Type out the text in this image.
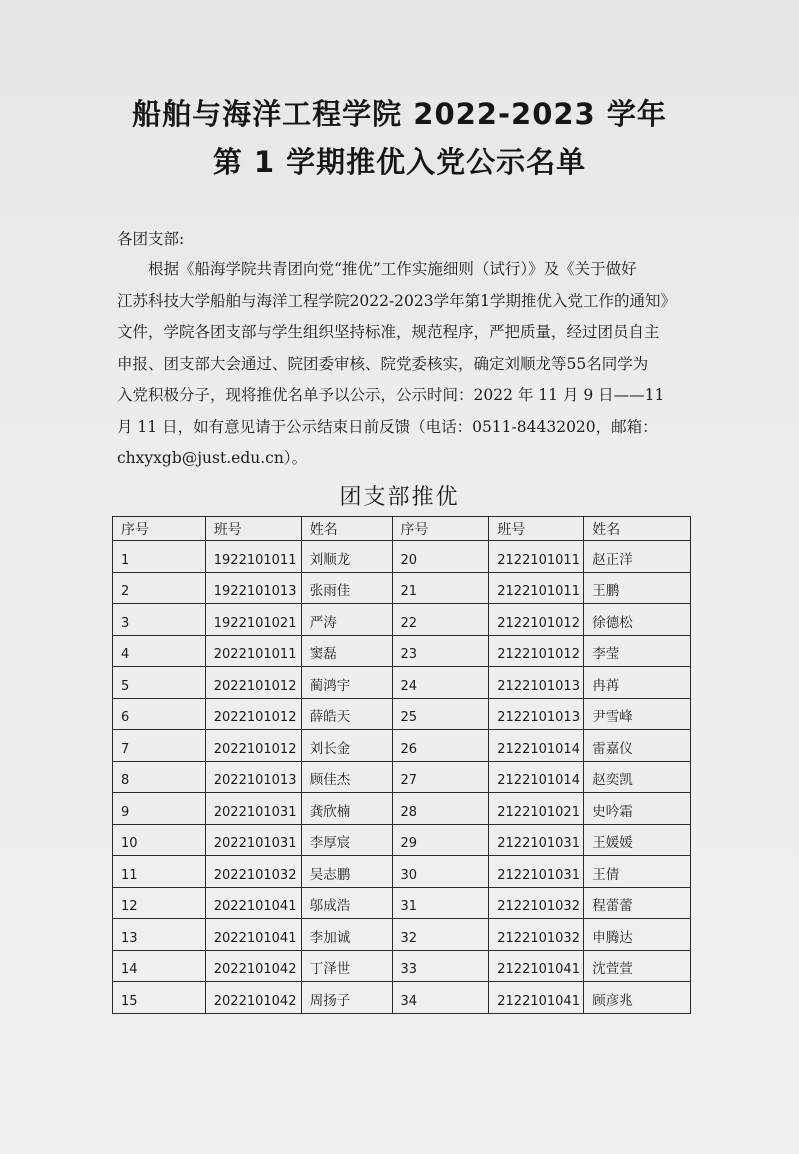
船舶与海洋工程学院 2022-2023 学年
第 1 学期推优入党公示名单
各团支部:

根据《船海学院共青团向党“推优”工作实施细则（试行）》及《关于做好

江苏科技大学船舶与海洋工程学院2022-2023学年第1学期推优入党工作的通知》

文件，学院各团支部与学生组织坚持标准，规范程序，严把质量，经过团员自主

申报、团支部大会通过、院团委审核、院党委核实，确定刘顺龙等55名同学为

入党积极分子，现将推优名单予以公示，公示时间：2022 年 11 月 9 日——11

月 11 日，如有意见请于公示结束日前反馈（电话：0511-84432020，邮箱：

chxyxgb@just.edu.cn）。

团支部推优
序号	班号	姓名	序号	班号	姓名
1	1922101011	刘顺龙	20	2122101011	赵正洋
2	1922101013	张雨佳	21	2122101011	王鹏
3	1922101021	严涛	22	2122101012	徐德松
4	2022101011	窦磊	23	2122101012	李莹
5	2022101012	蔺鸿宇	24	2122101013	冉苒
6	2022101012	薛皓天	25	2122101013	尹雪峰
7	2022101012	刘长金	26	2122101014	雷嘉仪
8	2022101013	顾佳杰	27	2122101014	赵奕凯
9	2022101031	龚欣楠	28	2122101021	史吟霜
10	2022101031	李厚宸	29	2122101031	王媛媛
11	2022101032	吴志鹏	30	2122101031	王倩
12	2022101041	邬成浩	31	2122101032	程蕾蕾
13	2022101041	李加诚	32	2122101032	申腾达
14	2022101042	丁泽世	33	2122101041	沈萱萱
15	2022101042	周扬子	34	2122101041	顾彦兆
